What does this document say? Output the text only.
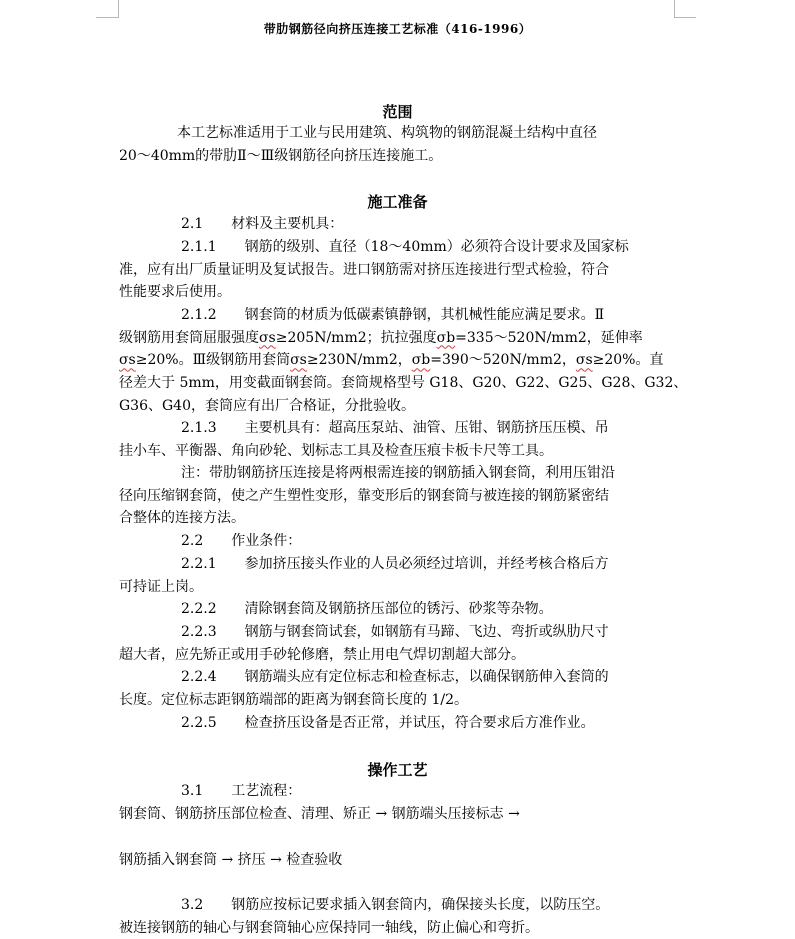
带肋钢筋径向挤压连接工艺标准（416-1996）
范围
本工艺标准适用于工业与民用建筑、构筑物的钢筋混凝土结构中直径
20～40mm的带肋Ⅱ～Ⅲ级钢筋径向挤压连接施工。
施工准备
2.1　　材料及主要机具：
2.1.1　　钢筋的级别、直径（18～40mm）必须符合设计要求及国家标
准，应有出厂质量证明及复试报告。进口钢筋需对挤压连接进行型式检验，符合
性能要求后使用。
2.1.2　　钢套筒的材质为低碳素镇静钢，其机械性能应满足要求。Ⅱ
级钢筋用套筒屈服强度σs≥205N/mm2；抗拉强度σb=335～520N/mm2，延伸率
σs≥20%。Ⅲ级钢筋用套筒σs≥230N/mm2，σb=390～520N/mm2，σs≥20%。直
径差大于 5mm，用变截面钢套筒。套筒规格型号 G18、G20、G22、G25、G28、G32、
G36、G40，套筒应有出厂合格证，分批验收。
2.1.3　　主要机具有：超高压泵站、油管、压钳、钢筋挤压压模、吊
挂小车、平衡器、角向砂轮、划标志工具及检查压痕卡板卡尺等工具。
注：带肋钢筋挤压连接是将两根需连接的钢筋插入钢套筒，利用压钳沿
径向压缩钢套筒，使之产生塑性变形，靠变形后的钢套筒与被连接的钢筋紧密结
合整体的连接方法。
2.2　　作业条件：
2.2.1　　参加挤压接头作业的人员必须经过培训，并经考核合格后方
可持证上岗。
2.2.2　　清除钢套筒及钢筋挤压部位的锈污、砂浆等杂物。
2.2.3　　钢筋与钢套筒试套，如钢筋有马蹄、飞边、弯折或纵肋尺寸
超大者，应先矫正或用手砂轮修磨，禁止用电气焊切割超大部分。
2.2.4　　钢筋端头应有定位标志和检查标志，以确保钢筋伸入套筒的
长度。定位标志距钢筋端部的距离为钢套筒长度的 1/2。
2.2.5　　检查挤压设备是否正常，并试压，符合要求后方准作业。
操作工艺
3.1　　工艺流程：
钢套筒、钢筋挤压部位检查、清理、矫正 → 钢筋端头压接标志 →
钢筋插入钢套筒 → 挤压 → 检查验收
3.2　　钢筋应按标记要求插入钢套筒内，确保接头长度，以防压空。
被连接钢筋的轴心与钢套筒轴心应保持同一轴线，防止偏心和弯折。
